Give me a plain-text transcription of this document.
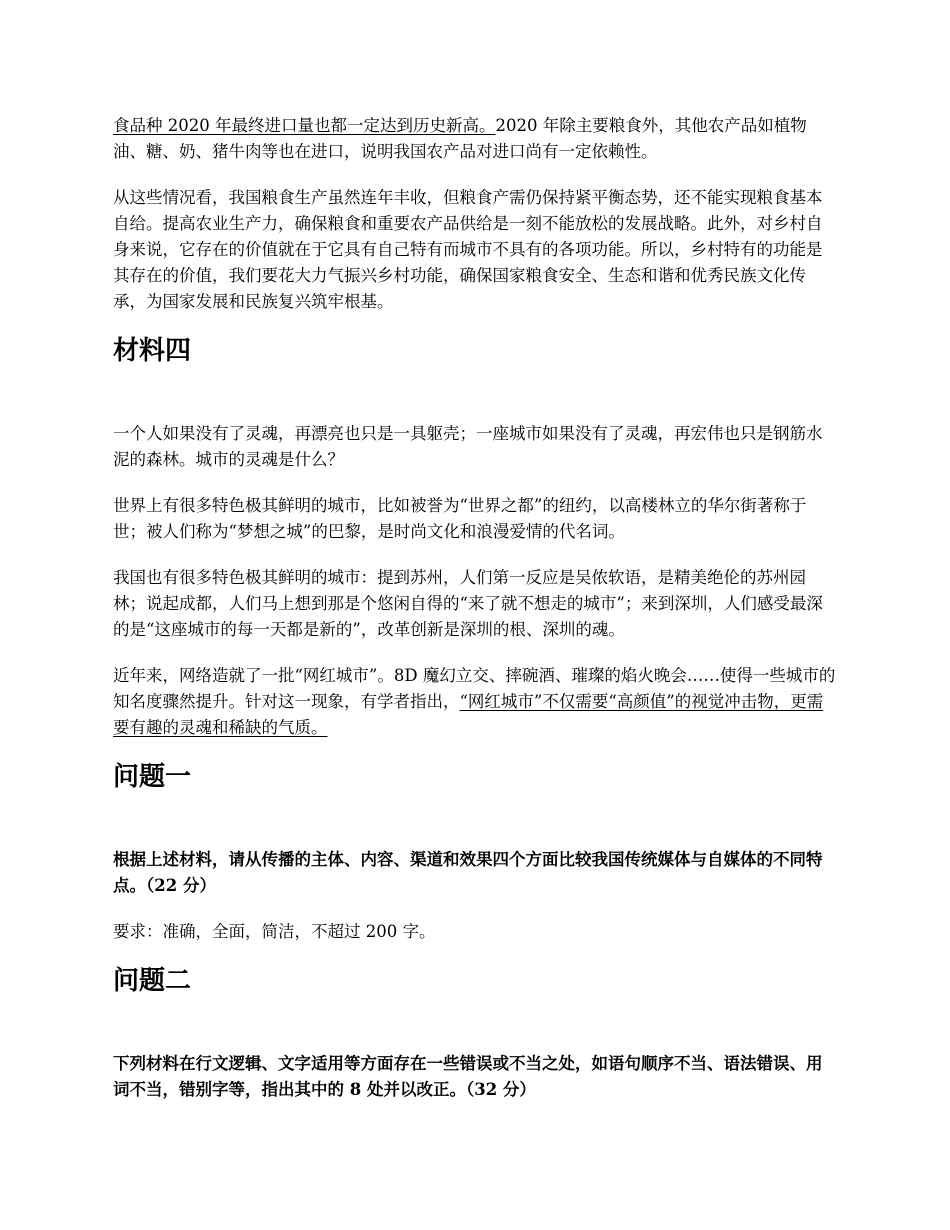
食品种 2020 年最终进口量也都一定达到历史新高。2020 年除主要粮食外，其他农产品如植物油、糖、奶、猪牛肉等也在进口，说明我国农产品对进口尚有一定依赖性。

从这些情况看，我国粮食生产虽然连年丰收，但粮食产需仍保持紧平衡态势，还不能实现粮食基本自给。提高农业生产力，确保粮食和重要农产品供给是一刻不能放松的发展战略。此外，对乡村自身来说，它存在的价值就在于它具有自己特有而城市不具有的各项功能。所以，乡村特有的功能是其存在的价值，我们要花大力气振兴乡村功能，确保国家粮食安全、生态和谐和优秀民族文化传承，为国家发展和民族复兴筑牢根基。

材料四

一个人如果没有了灵魂，再漂亮也只是一具躯壳；一座城市如果没有了灵魂，再宏伟也只是钢筋水泥的森林。城市的灵魂是什么？

世界上有很多特色极其鲜明的城市，比如被誉为“世界之都”的纽约，以高楼林立的华尔街著称于世；被人们称为“梦想之城”的巴黎，是时尚文化和浪漫爱情的代名词。

我国也有很多特色极其鲜明的城市：提到苏州，人们第一反应是吴侬软语，是精美绝伦的苏州园林；说起成都，人们马上想到那是个悠闲自得的“来了就不想走的城市”；来到深圳，人们感受最深的是“这座城市的每一天都是新的”，改革创新是深圳的根、深圳的魂。

近年来，网络造就了一批“网红城市”。8D 魔幻立交、摔碗酒、璀璨的焰火晚会……使得一些城市的知名度骤然提升。针对这一现象，有学者指出，“网红城市”不仅需要“高颜值”的视觉冲击物，更需要有趣的灵魂和稀缺的气质。

问题一

根据上述材料，请从传播的主体、内容、渠道和效果四个方面比较我国传统媒体与自媒体的不同特点。（22 分）

要求：准确，全面，简洁，不超过 200 字。

问题二

下列材料在行文逻辑、文字适用等方面存在一些错误或不当之处，如语句顺序不当、语法错误、用词不当，错别字等，指出其中的 8 处并以改正。（32 分）
